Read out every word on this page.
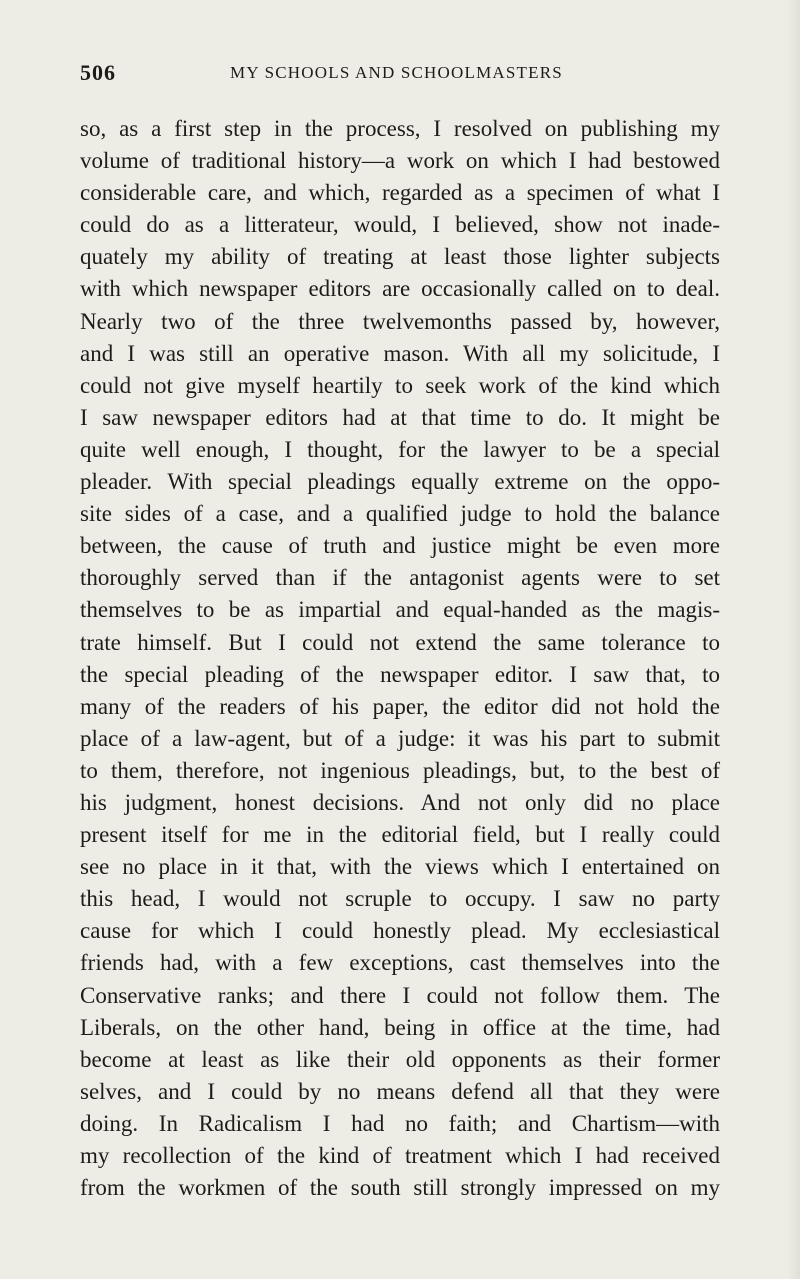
506	MY SCHOOLS AND SCHOOLMASTERS
so, as a first step in the process, I resolved on publishing my
volume of traditional history—a work on which I had bestowed
considerable care, and which, regarded as a specimen of what I
could do as a litterateur, would, I believed, show not inade-
quately my ability of treating at least those lighter subjects
with which newspaper editors are occasionally called on to deal.
Nearly two of the three twelvemonths passed by, however,
and I was still an operative mason. With all my solicitude, I
could not give myself heartily to seek work of the kind which
I saw newspaper editors had at that time to do. It might be
quite well enough, I thought, for the lawyer to be a special
pleader. With special pleadings equally extreme on the oppo-
site sides of a case, and a qualified judge to hold the balance
between, the cause of truth and justice might be even more
thoroughly served than if the antagonist agents were to set
themselves to be as impartial and equal-handed as the magis-
trate himself. But I could not extend the same tolerance to
the special pleading of the newspaper editor. I saw that, to
many of the readers of his paper, the editor did not hold the
place of a law-agent, but of a judge: it was his part to submit
to them, therefore, not ingenious pleadings, but, to the best of
his judgment, honest decisions. And not only did no place
present itself for me in the editorial field, but I really could
see no place in it that, with the views which I entertained on
this head, I would not scruple to occupy. I saw no party
cause for which I could honestly plead. My ecclesiastical
friends had, with a few exceptions, cast themselves into the
Conservative ranks; and there I could not follow them. The
Liberals, on the other hand, being in office at the time, had
become at least as like their old opponents as their former
selves, and I could by no means defend all that they were
doing. In Radicalism I had no faith; and Chartism—with
my recollection of the kind of treatment which I had received
from the workmen of the south still strongly impressed on my
